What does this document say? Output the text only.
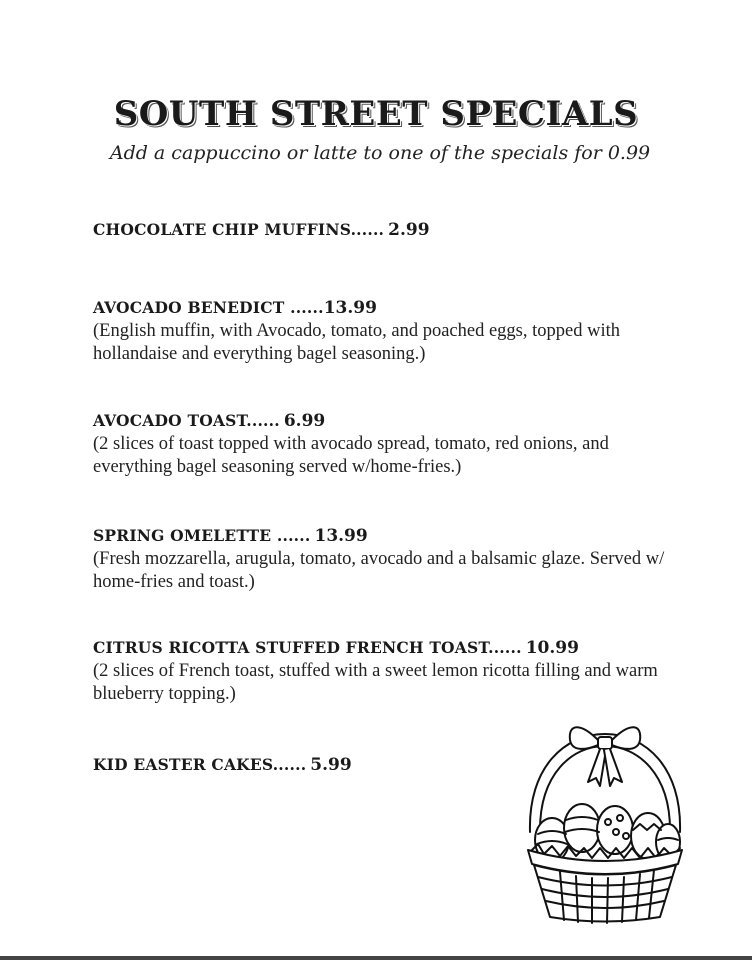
SOUTH STREET SPECIALS
Add a cappuccino or latte to one of the specials for 0.99
CHOCOLATE CHIP MUFFINS...... 2.99
AVOCADO BENEDICT ......13.99
(English muffin, with Avocado, tomato, and poached eggs, topped with hollandaise and everything bagel seasoning.)
AVOCADO TOAST...... 6.99
(2 slices of toast topped with avocado spread, tomato, red onions, and everything bagel seasoning served w/home-fries.)
SPRING OMELETTE ...... 13.99
(Fresh mozzarella, arugula, tomato, avocado and a balsamic glaze. Served w/ home-fries and toast.)
CITRUS RICOTTA STUFFED FRENCH TOAST...... 10.99
(2 slices of French toast, stuffed with a sweet lemon ricotta filling and warm blueberry topping.)
KID EASTER CAKES...... 5.99
